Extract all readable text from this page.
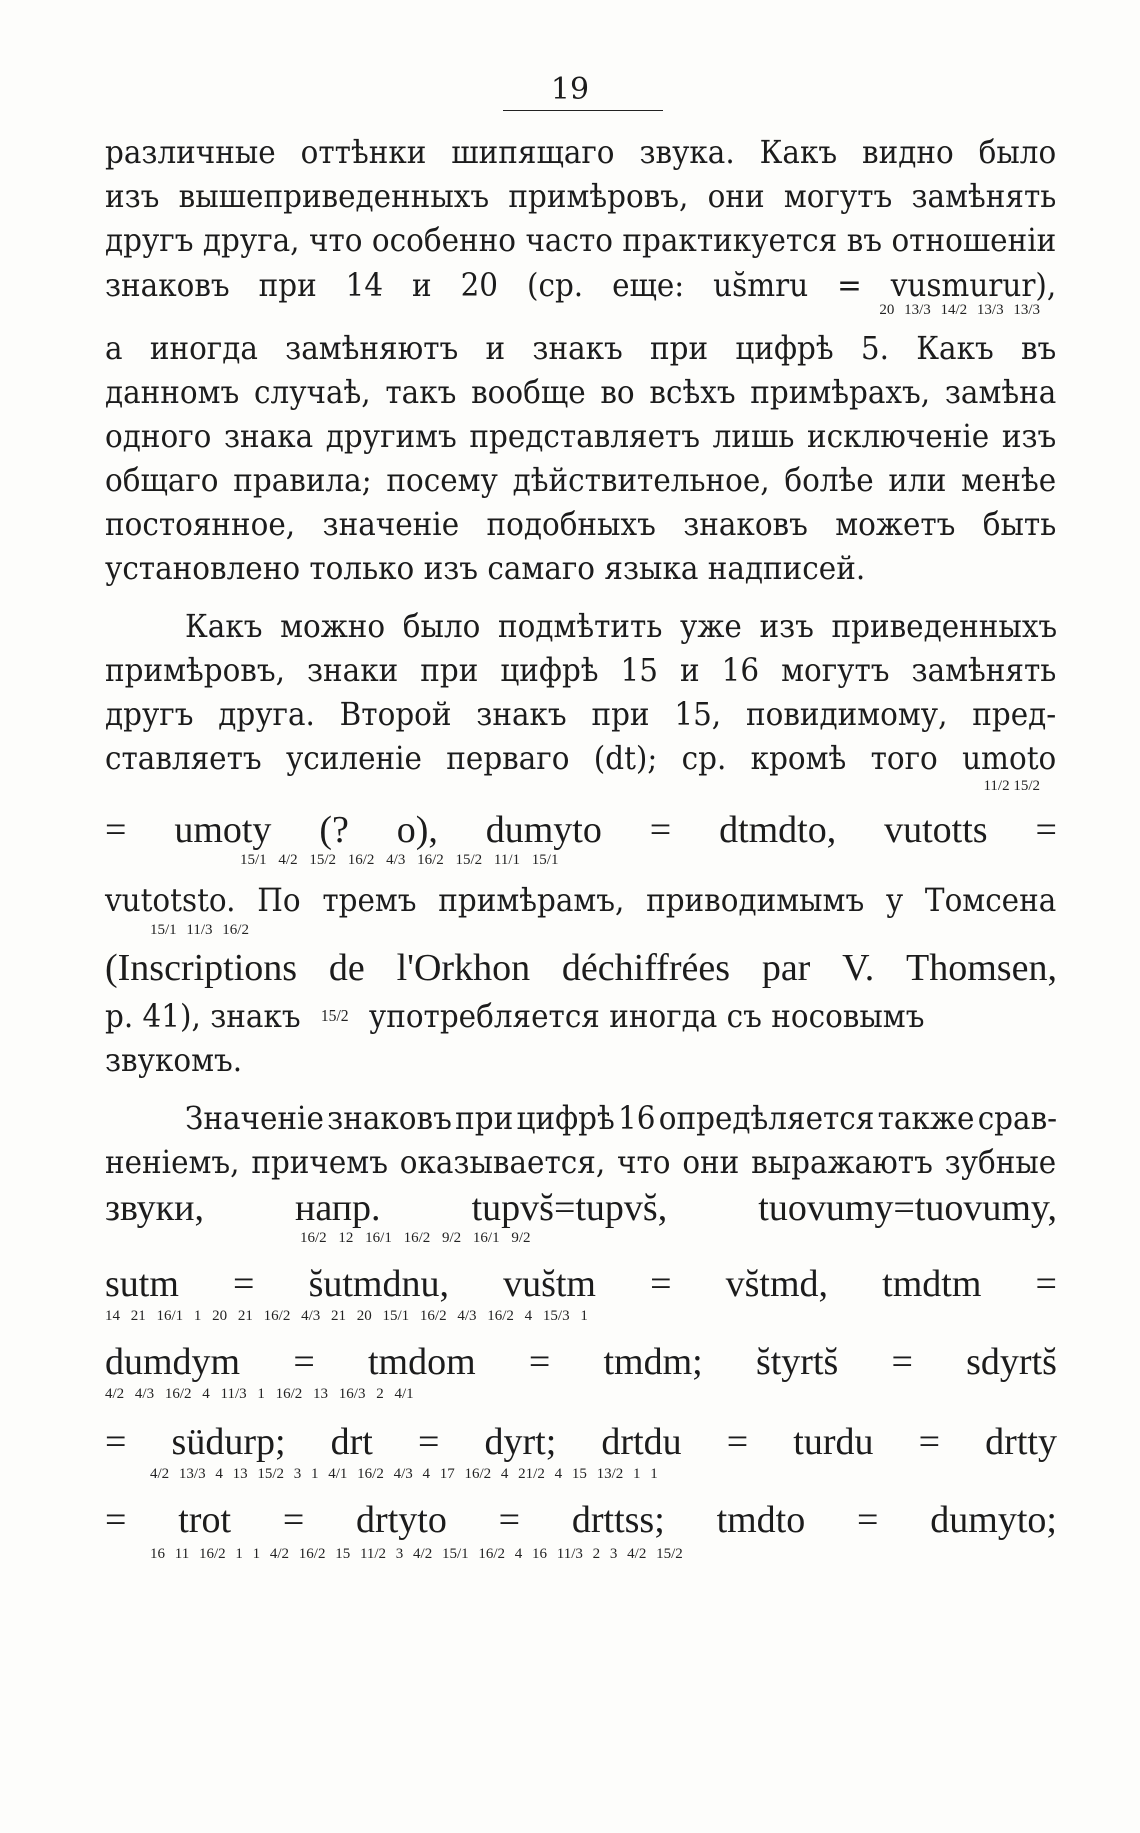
19
различные оттѣнки шипящаго звука. Какъ видно было
изъ вышеприведенныхъ примѣровъ, они могутъ замѣнять
другъ друга, что особенно часто практикуется въ отношеніи
знаковъ при 14 и 20 (ср. еще: us̆mru = vusmurur),
20 13/3 14/2 13/3 13/3
а иногда замѣняютъ и знакъ при цифрѣ 5. Какъ въ
данномъ случаѣ, такъ вообще во всѣхъ примѣрахъ, замѣна
одного знака другимъ представляетъ лишь исключеніе изъ
общаго правила; посему дѣйствительное, болѣе или менѣе
постоянное, значеніе подобныхъ знаковъ можетъ быть
установлено только изъ самаго языка надписей.
Какъ можно было подмѣтить уже изъ приведенныхъ
примѣровъ, знаки при цифрѣ 15 и 16 могутъ замѣнять
другъ друга. Второй знакъ при 15, повидимому, пред-
ставляетъ усиленіе перваго (dt); ср. кромѣ того umoto
11/2 15/2
= umoty (? o), dumyto = dtmdto, vutotts =
15/1 4/2 15/2 16/2 4/3 16/2 15/2 11/1 15/1
vutotsto. По тремъ примѣрамъ, приводимымъ у Томсена
15/1 11/3 16/2
(Inscriptions de l'Orkhon déchiffrées par V. Thomsen,
p. 41), знакъ 15/2 употребляется иногда съ носовымъ
звукомъ.
Значеніе знаковъ при цифрѣ 16 опредѣляется также срав-
неніемъ, причемъ оказывается, что они выражаютъ зубные
звуки, напр. tupvs̆=tupvs̆, tuovumy=tuovumy,
16/2 12 16/1 16/2 9/2 16/1 9/2
sutm = s̆utmdnu, vus̆tm = vs̆tmd, tmdtm =
14 21 16/1 1 20 21 16/2 4/3 21 20 15/1 16/2 4/3 16/2 4 15/3 1
dumdym = tmdom = tmdm; s̆tyrts̆ = sdyrts̆
4/2 4/3 16/2 4 11/3 1 16/2 13 16/3 2 4/1
= südurp; drt = dyrt; drtdu = turdu = drtty
4/2 13/3 4 13 15/2 3 1 4/1 16/2 4/3 4 17 16/2 4 21/2 4 15 13/2 1 1
= trot = drtyto = drttss; tmdto = dumyto;
16 11 16/2 1 1 4/2 16/2 15 11/2 3 4/2 15/1 16/2 4 16 11/3 2 3 4/2 15/2
